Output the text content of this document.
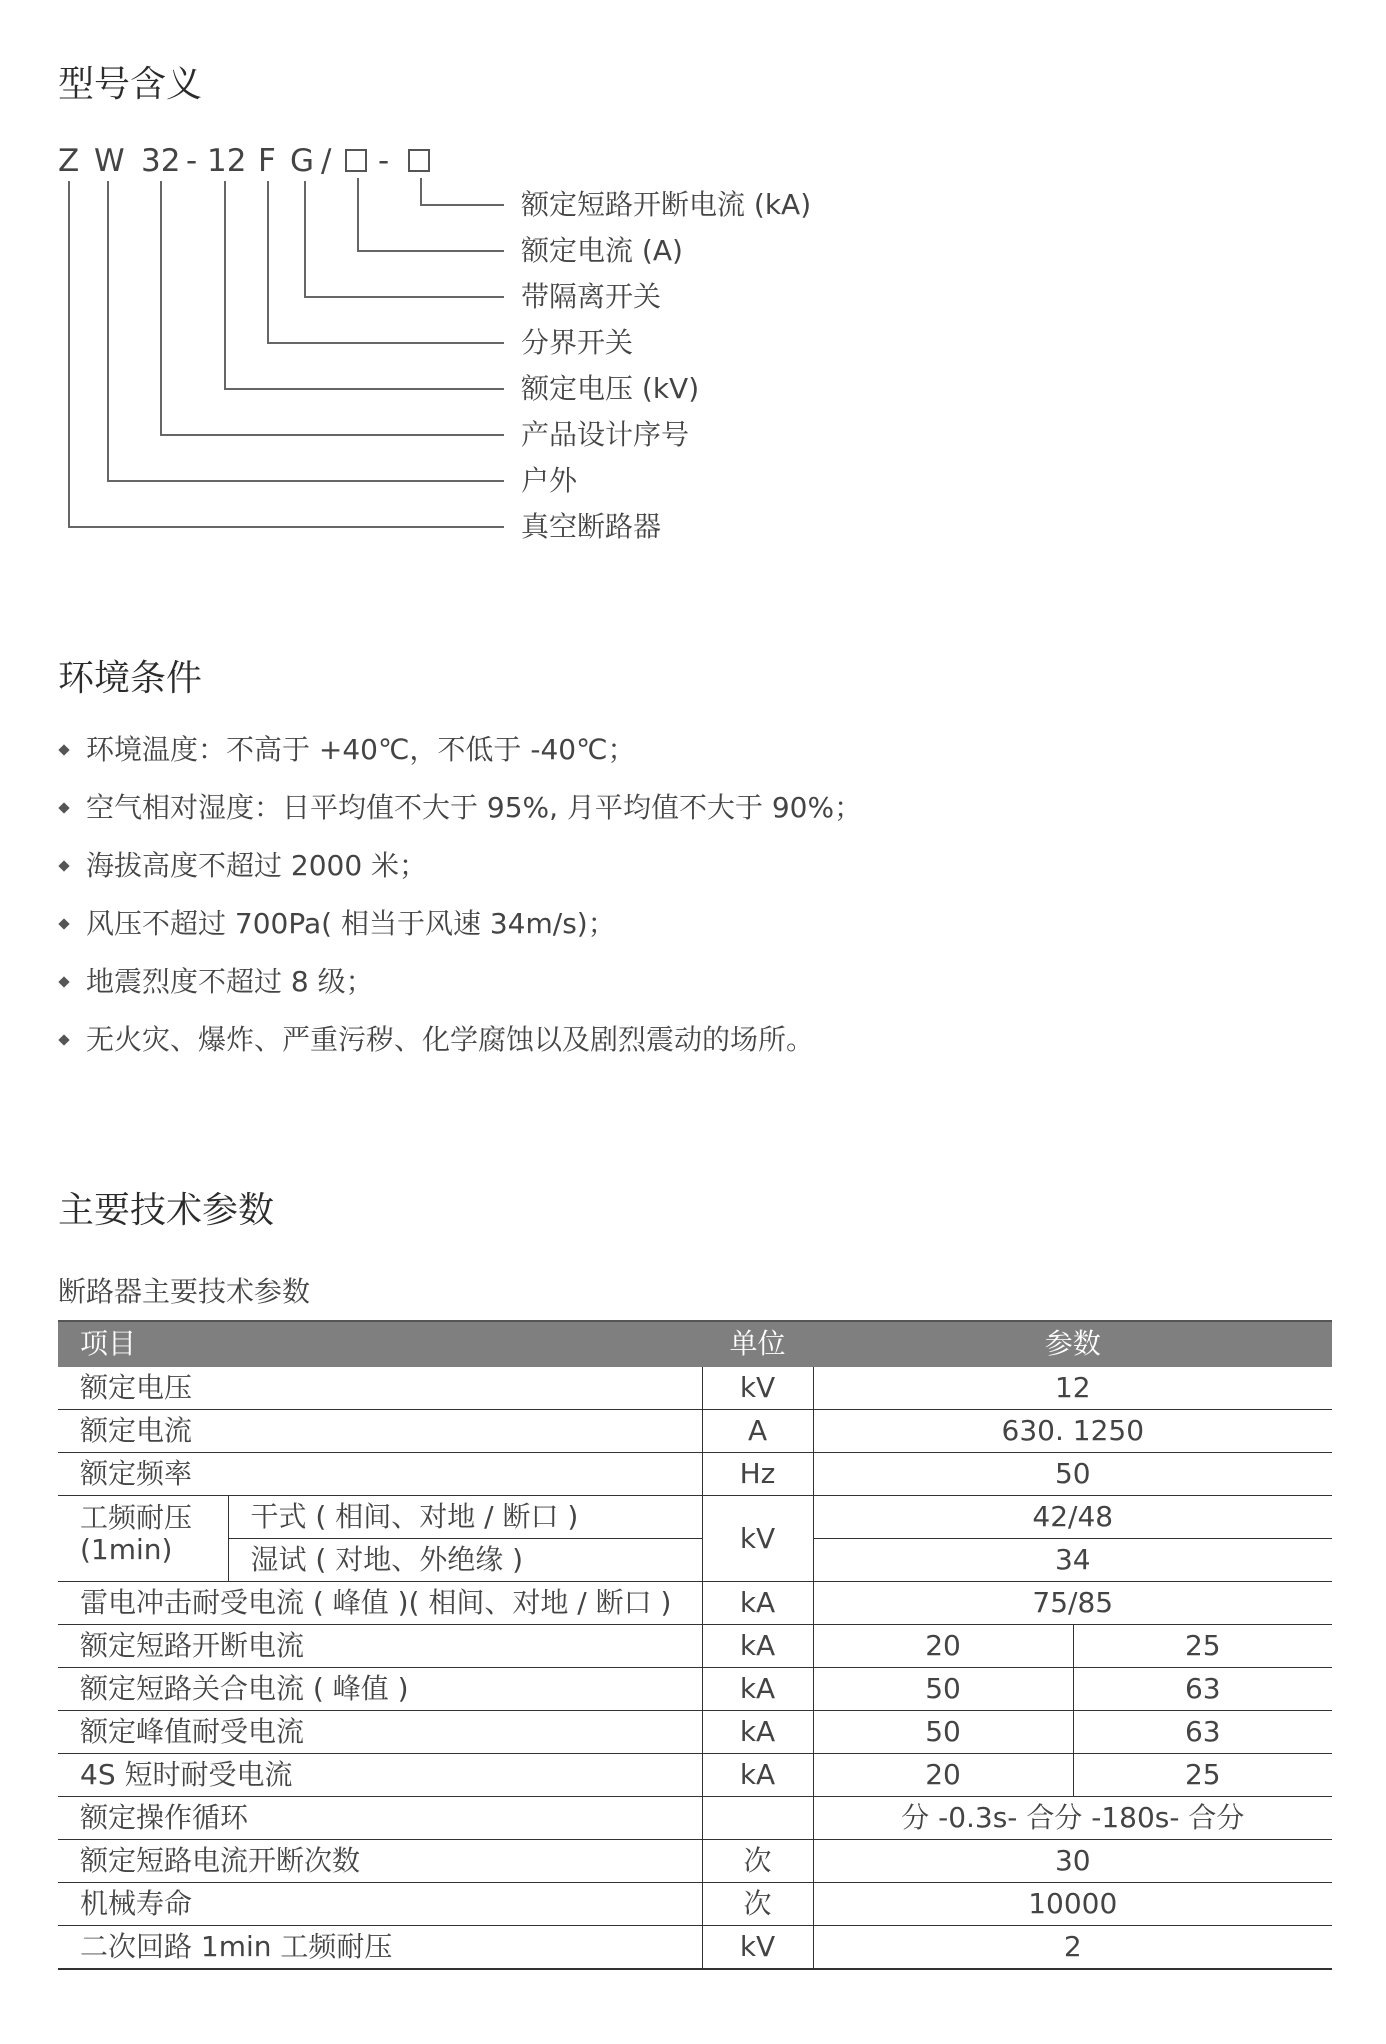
型号含义
Z W 32 - 12 F G / -
额定短路开断电流 (kA)
额定电流 (A)
带隔离开关
分界开关
额定电压 (kV)
产品设计序号
户外
真空断路器
环境条件
环境温度：不高于 +40℃，不低于 -40℃；
空气相对湿度：日平均值不大于 95%, 月平均值不大于 90%；
海拔高度不超过 2000 米；
风压不超过 700Pa( 相当于风速 34m/s)；
地震烈度不超过 8 级；
无火灾、爆炸、严重污秽、化学腐蚀以及剧烈震动的场所。
主要技术参数
断路器主要技术参数
项目		单位	参数	
额定电压		kV	12	
额定电流		A	630. 1250	
额定频率		Hz	50	
工频耐压
(1min)	干式 ( 相间、对地 / 断口 )	kV	42/48	
	湿试 ( 对地、外绝缘 )		34	
雷电冲击耐受电流 ( 峰值 )( 相间、对地 / 断口 )		kA	75/85	
额定短路开断电流		kA	20	25
额定短路关合电流 ( 峰值 )		kA	50	63
额定峰值耐受电流		kA	50	63
4S 短时耐受电流		kA	20	25
额定操作循环			分 -0.3s- 合分 -180s- 合分	
额定短路电流开断次数		次	30	
机械寿命		次	10000	
二次回路 1min 工频耐压		kV	2	
